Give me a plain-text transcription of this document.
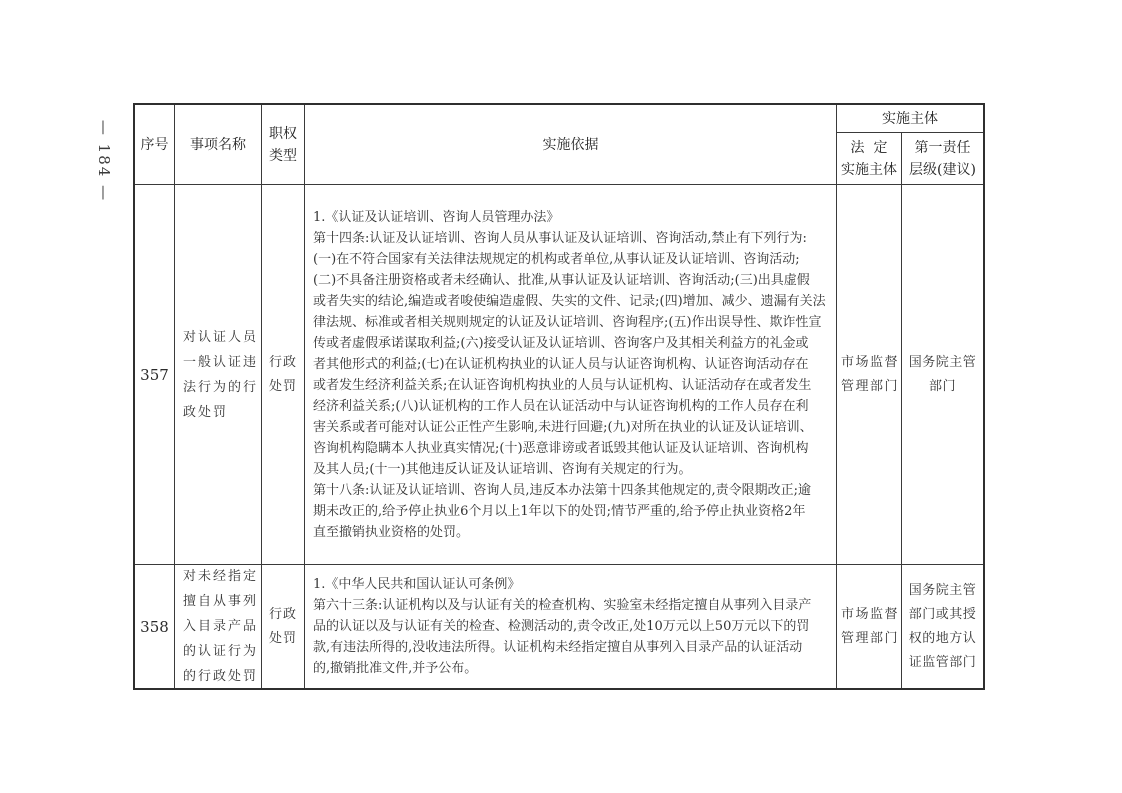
— 184 —	序号	事项名称
职权
类型
实施依据
实施主体
法  定
实施主体
第一责任
层级(建议)
357
对认证人员
一般认证违
法行为的行
政处罚
行政
处罚
1.《认证及认证培训、咨询人员管理办法》
第十四条:认证及认证培训、咨询人员从事认证及认证培训、咨询活动,禁止有下列行为:
(一)在不符合国家有关法律法规规定的机构或者单位,从事认证及认证培训、咨询活动;
(二)不具备注册资格或者未经确认、批准,从事认证及认证培训、咨询活动;(三)出具虚假
或者失实的结论,编造或者唆使编造虚假、失实的文件、记录;(四)增加、减少、遗漏有关法
律法规、标准或者相关规则规定的认证及认证培训、咨询程序;(五)作出误导性、欺诈性宣
传或者虚假承诺谋取利益;(六)接受认证及认证培训、咨询客户及其相关利益方的礼金或
者其他形式的利益;(七)在认证机构执业的认证人员与认证咨询机构、认证咨询活动存在
或者发生经济利益关系;在认证咨询机构执业的人员与认证机构、认证活动存在或者发生
经济利益关系;(八)认证机构的工作人员在认证活动中与认证咨询机构的工作人员存在利
害关系或者可能对认证公正性产生影响,未进行回避;(九)对所在执业的认证及认证培训、
咨询机构隐瞒本人执业真实情况;(十)恶意诽谤或者诋毁其他认证及认证培训、咨询机构
及其人员;(十一)其他违反认证及认证培训、咨询有关规定的行为。
第十八条:认证及认证培训、咨询人员,违反本办法第十四条其他规定的,责令限期改正;逾
期未改正的,给予停止执业6个月以上1年以下的处罚;情节严重的,给予停止执业资格2年
直至撤销执业资格的处罚。
市场监督
管理部门
国务院主管
部门
358
对未经指定
擅自从事列
入目录产品
的认证行为
的行政处罚
行政
处罚
1.《中华人民共和国认证认可条例》
第六十三条:认证机构以及与认证有关的检查机构、实验室未经指定擅自从事列入目录产
品的认证以及与认证有关的检查、检测活动的,责令改正,处10万元以上50万元以下的罚
款,有违法所得的,没收违法所得。认证机构未经指定擅自从事列入目录产品的认证活动
的,撤销批准文件,并予公布。
市场监督
管理部门
国务院主管
部门或其授
权的地方认
证监管部门
